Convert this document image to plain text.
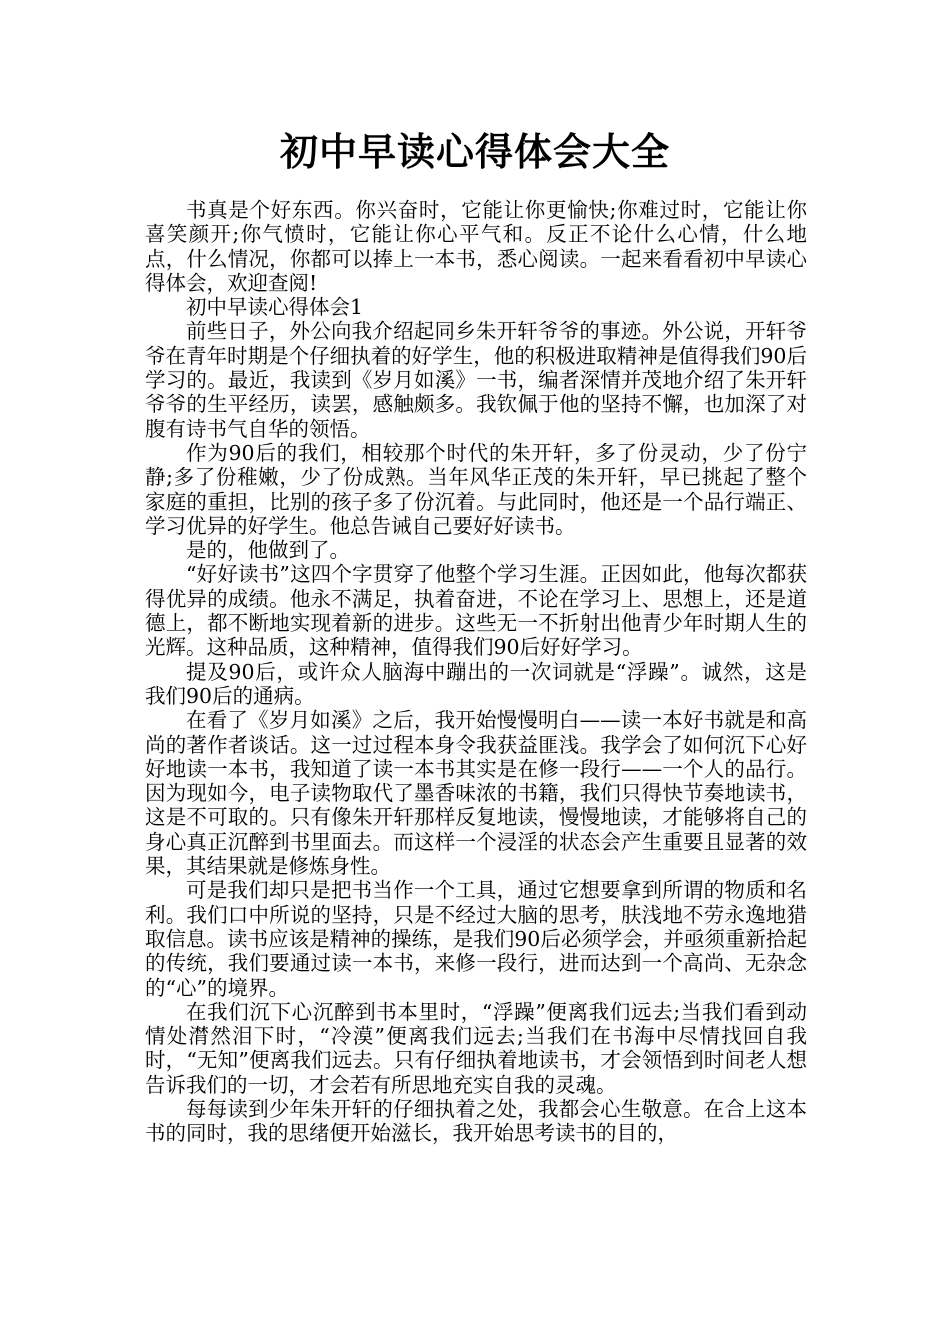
初中早读心得体会大全

书真是个好东西。你兴奋时，它能让你更愉快;你难过时，它能让你喜笑颜开;你气愤时，它能让你心平气和。反正不论什么心情，什么地点，什么情况，你都可以捧上一本书，悉心阅读。一起来看看初中早读心得体会，欢迎查阅!

初中早读心得体会1

前些日子，外公向我介绍起同乡朱开轩爷爷的事迹。外公说，开轩爷爷在青年时期是个仔细执着的好学生，他的积极进取精神是值得我们90后学习的。最近，我读到《岁月如溪》一书，编者深情并茂地介绍了朱开轩爷爷的生平经历，读罢，感触颇多。我钦佩于他的坚持不懈，也加深了对腹有诗书气自华的领悟。

作为90后的我们，相较那个时代的朱开轩，多了份灵动，少了份宁静;多了份稚嫩，少了份成熟。当年风华正茂的朱开轩，早已挑起了整个家庭的重担，比别的孩子多了份沉着。与此同时，他还是一个品行端正、学习优异的好学生。他总告诫自己要好好读书。

是的，他做到了。

“好好读书”这四个字贯穿了他整个学习生涯。正因如此，他每次都获得优异的成绩。他永不满足，执着奋进，不论在学习上、思想上，还是道德上，都不断地实现着新的进步。这些无一不折射出他青少年时期人生的光辉。这种品质，这种精神，值得我们90后好好学习。

提及90后，或许众人脑海中蹦出的一次词就是“浮躁”。诚然，这是我们90后的通病。

在看了《岁月如溪》之后，我开始慢慢明白——读一本好书就是和高尚的著作者谈话。这一过过程本身令我获益匪浅。我学会了如何沉下心好好地读一本书，我知道了读一本书其实是在修一段行——一个人的品行。因为现如今，电子读物取代了墨香味浓的书籍，我们只得快节奏地读书，这是不可取的。只有像朱开轩那样反复地读，慢慢地读，才能够将自己的身心真正沉醉到书里面去。而这样一个浸淫的状态会产生重要且显著的效果，其结果就是修炼身性。

可是我们却只是把书当作一个工具，通过它想要拿到所谓的物质和名利。我们口中所说的坚持，只是不经过大脑的思考，肤浅地不劳永逸地猎取信息。读书应该是精神的操练，是我们90后必须学会，并亟须重新拾起的传统，我们要通过读一本书，来修一段行，进而达到一个高尚、无杂念的“心”的境界。

在我们沉下心沉醉到书本里时，“浮躁”便离我们远去;当我们看到动情处潸然泪下时，“冷漠”便离我们远去;当我们在书海中尽情找回自我时，“无知”便离我们远去。只有仔细执着地读书，才会领悟到时间老人想告诉我们的一切，才会若有所思地充实自我的灵魂。

每每读到少年朱开轩的仔细执着之处，我都会心生敬意。在合上这本书的同时，我的思绪便开始滋长，我开始思考读书的目的，
